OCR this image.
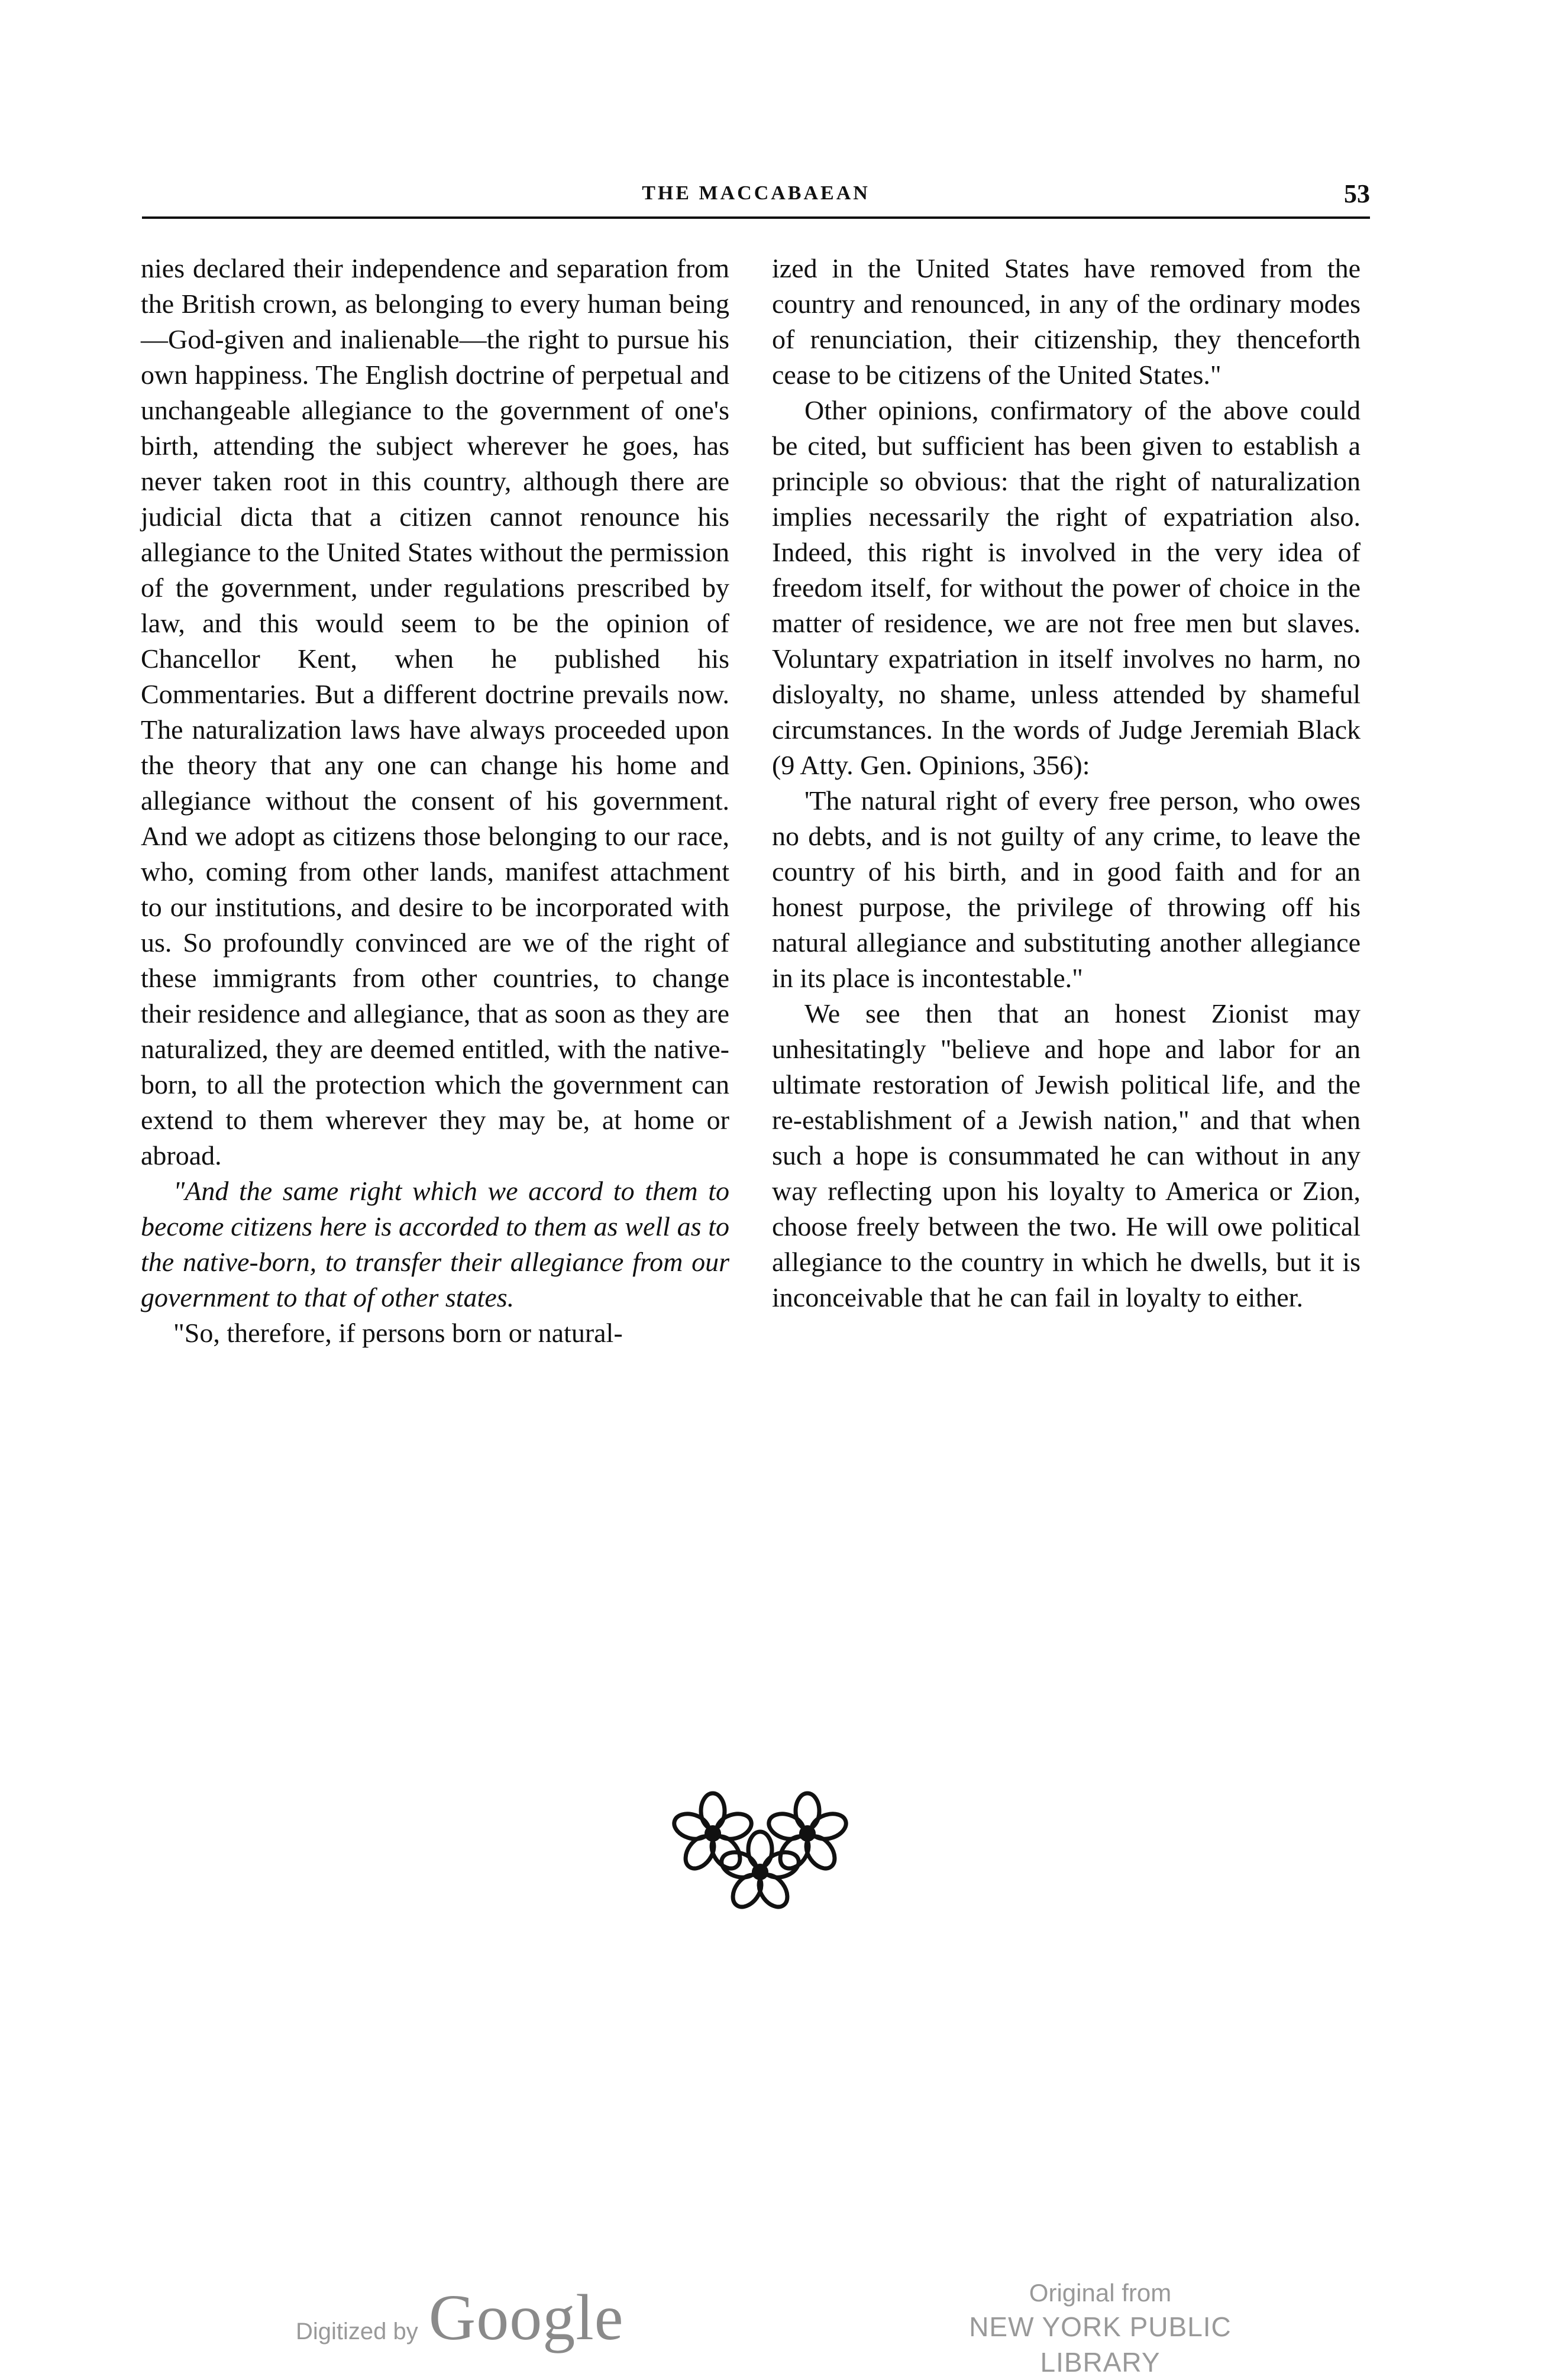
THE MACCABAEAN	53

nies declared their independence and separation from the British crown, as belonging to every human being—God-given and inalienable—the right to pursue his own happiness. The English doctrine of perpetual and unchangeable allegiance to the government of one's birth, attending the subject wherever he goes, has never taken root in this country, although there are judicial dicta that a citizen cannot renounce his allegiance to the United States without the permission of the government, under regulations prescribed by law, and this would seem to be the opinion of Chancellor Kent, when he published his Commentaries. But a different doctrine prevails now. The naturalization laws have always proceeded upon the theory that any one can change his home and allegiance without the consent of his government. And we adopt as citizens those belonging to our race, who, coming from other lands, manifest attachment to our institutions, and desire to be incorporated with us. So profoundly convinced are we of the right of these immigrants from other countries, to change their residence and allegiance, that as soon as they are naturalized, they are deemed entitled, with the native-born, to all the protection which the government can extend to them wherever they may be, at home or abroad.

"And the same right which we accord to them to become citizens here is accorded to them as well as to the native-born, to transfer their allegiance from our government to that of other states.

"So, therefore, if persons born or natural-

ized in the United States have removed from the country and renounced, in any of the ordinary modes of renunciation, their citizenship, they thenceforth cease to be citizens of the United States."

Other opinions, confirmatory of the above could be cited, but sufficient has been given to establish a principle so obvious: that the right of naturalization implies necessarily the right of expatriation also. Indeed, this right is involved in the very idea of freedom itself, for without the power of choice in the matter of residence, we are not free men but slaves. Voluntary expatriation in itself involves no harm, no disloyalty, no shame, unless attended by shameful circumstances. In the words of Judge Jeremiah Black (9 Atty. Gen. Opinions, 356):

'The natural right of every free person, who owes no debts, and is not guilty of any crime, to leave the country of his birth, and in good faith and for an honest purpose, the privilege of throwing off his natural allegiance and substituting another allegiance in its place is incontestable."

We see then that an honest Zionist may unhesitatingly "believe and hope and labor for an ultimate restoration of Jewish political life, and the re-establishment of a Jewish nation," and that when such a hope is consummated he can without in any way reflecting upon his loyalty to America or Zion, choose freely between the two. He will owe political allegiance to the country in which he dwells, but it is inconceivable that he can fail in loyalty to either.

Digitized by Google	Original from
NEW YORK PUBLIC LIBRARY
